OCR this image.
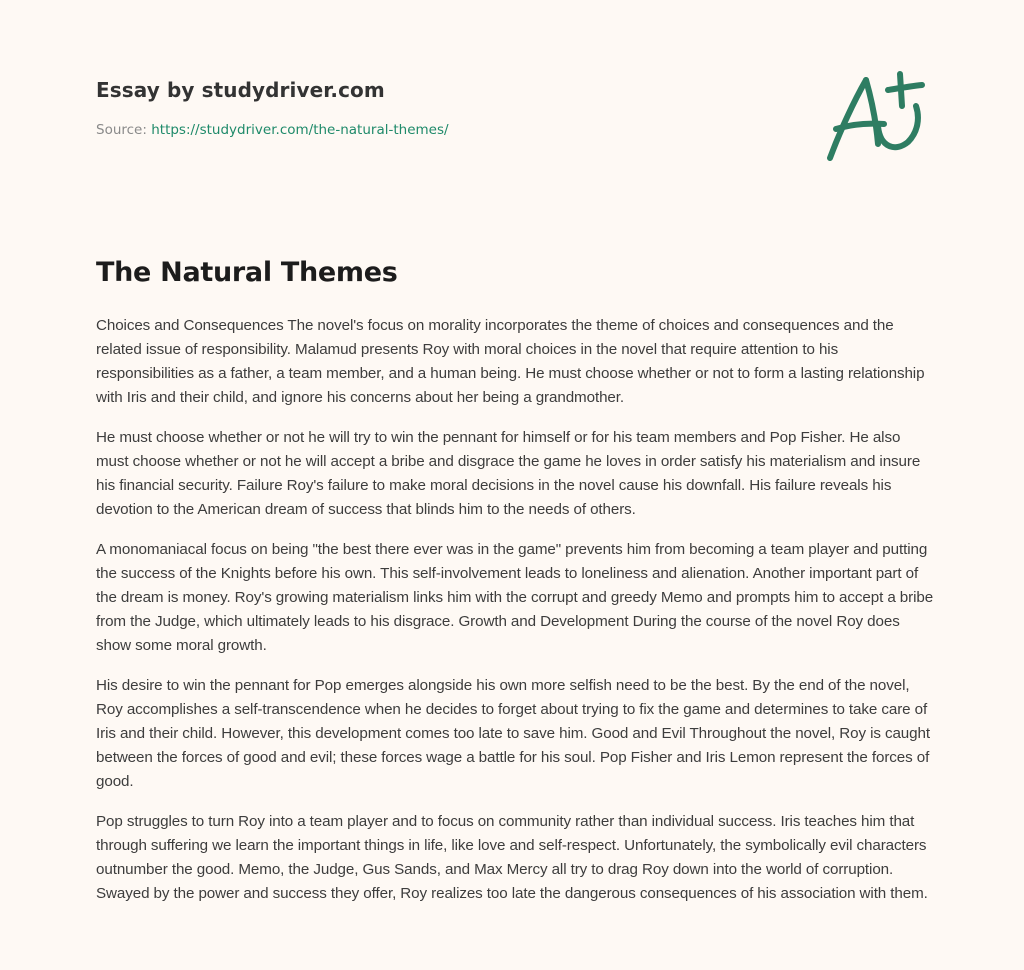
Essay by studydriver.com
Source: https://studydriver.com/the-natural-themes/
The Natural Themes

Choices and Consequences The novel's focus on morality incorporates the theme of choices and consequences and the related issue of responsibility. Malamud presents Roy with moral choices in the novel that require attention to his responsibilities as a father, a team member, and a human being. He must choose whether or not to form a lasting relationship with Iris and their child, and ignore his concerns about her being a grandmother.

He must choose whether or not he will try to win the pennant for himself or for his team members and Pop Fisher. He also must choose whether or not he will accept a bribe and disgrace the game he loves in order satisfy his materialism and insure his financial security. Failure Roy's failure to make moral decisions in the novel cause his downfall. His failure reveals his devotion to the American dream of success that blinds him to the needs of others.

A monomaniacal focus on being "the best there ever was in the game" prevents him from becoming a team player and putting the success of the Knights before his own. This self-involvement leads to loneliness and alienation. Another important part of the dream is money. Roy's growing materialism links him with the corrupt and greedy Memo and prompts him to accept a bribe from the Judge, which ultimately leads to his disgrace. Growth and Development During the course of the novel Roy does show some moral growth.

His desire to win the pennant for Pop emerges alongside his own more selfish need to be the best. By the end of the novel, Roy accomplishes a self-transcendence when he decides to forget about trying to fix the game and determines to take care of Iris and their child. However, this development comes too late to save him. Good and Evil Throughout the novel, Roy is caught between the forces of good and evil; these forces wage a battle for his soul. Pop Fisher and Iris Lemon represent the forces of good.

Pop struggles to turn Roy into a team player and to focus on community rather than individual success. Iris teaches him that through suffering we learn the important things in life, like love and self-respect. Unfortunately, the symbolically evil characters outnumber the good. Memo, the Judge, Gus Sands, and Max Mercy all try to drag Roy down into the world of corruption. Swayed by the power and success they offer, Roy realizes too late the dangerous consequences of his association with them.
